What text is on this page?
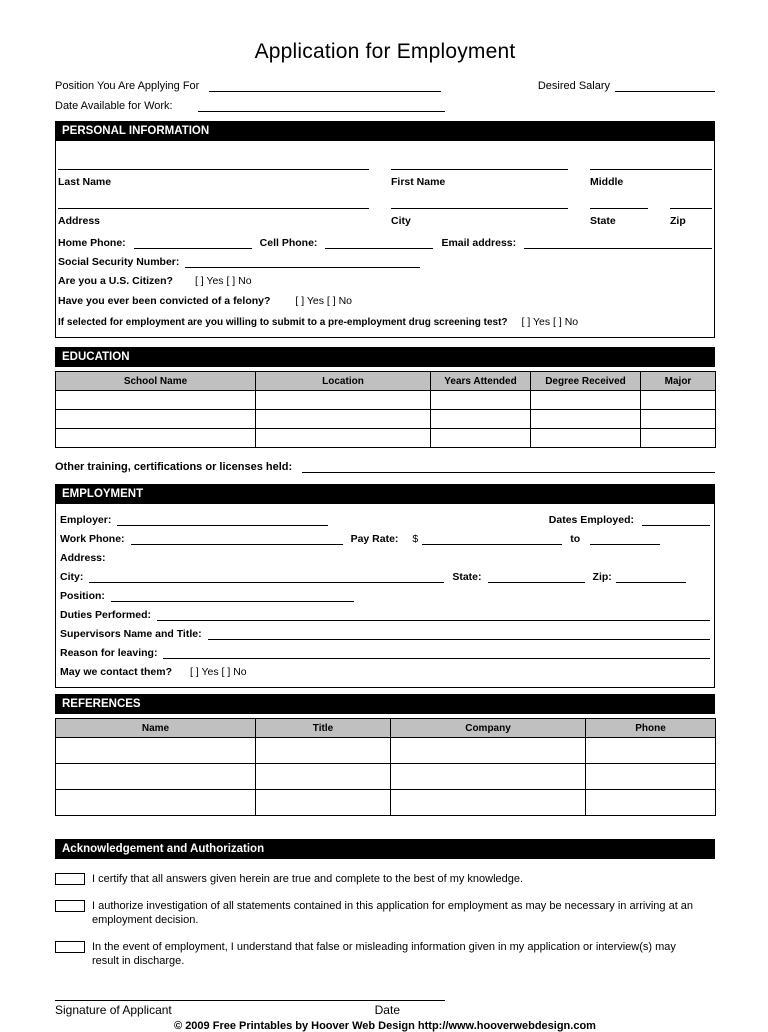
Application for Employment
Position You Are Applying For	Desired Salary
Date Available for Work:
PERSONAL INFORMATION
Last Name	First Name	Middle
Address	City	State	Zip
Home Phone:	Cell Phone:	Email address:
Social Security Number:
Are you a U.S. Citizen? [ ] Yes [ ] No
Have you ever been convicted of a felony? [ ] Yes [ ] No
If selected for employment are you willing to submit to a pre-employment drug screening test? [ ] Yes [ ] No
EDUCATION
School Name	Location	Years Attended	Degree Received	Major

Other training, certifications or licenses held:
EMPLOYMENT
Employer:	Dates Employed:
Work Phone:	Pay Rate: $	to
Address:
City:	State:	Zip:
Position:
Duties Performed:
Supervisors Name and Title:
Reason for leaving:
May we contact them? [ ] Yes [ ] No
REFERENCES
Name	Title	Company	Phone

Acknowledgement and Authorization
I certify that all answers given herein are true and complete to the best of my knowledge.
I authorize investigation of all statements contained in this application for employment as may be necessary in arriving at an employment decision.
In the event of employment, I understand that false or misleading information given in my application or interview(s) may result in discharge.
Signature of Applicant	Date
© 2009 Free Printables by Hoover Web Design http://www.hooverwebdesign.com
